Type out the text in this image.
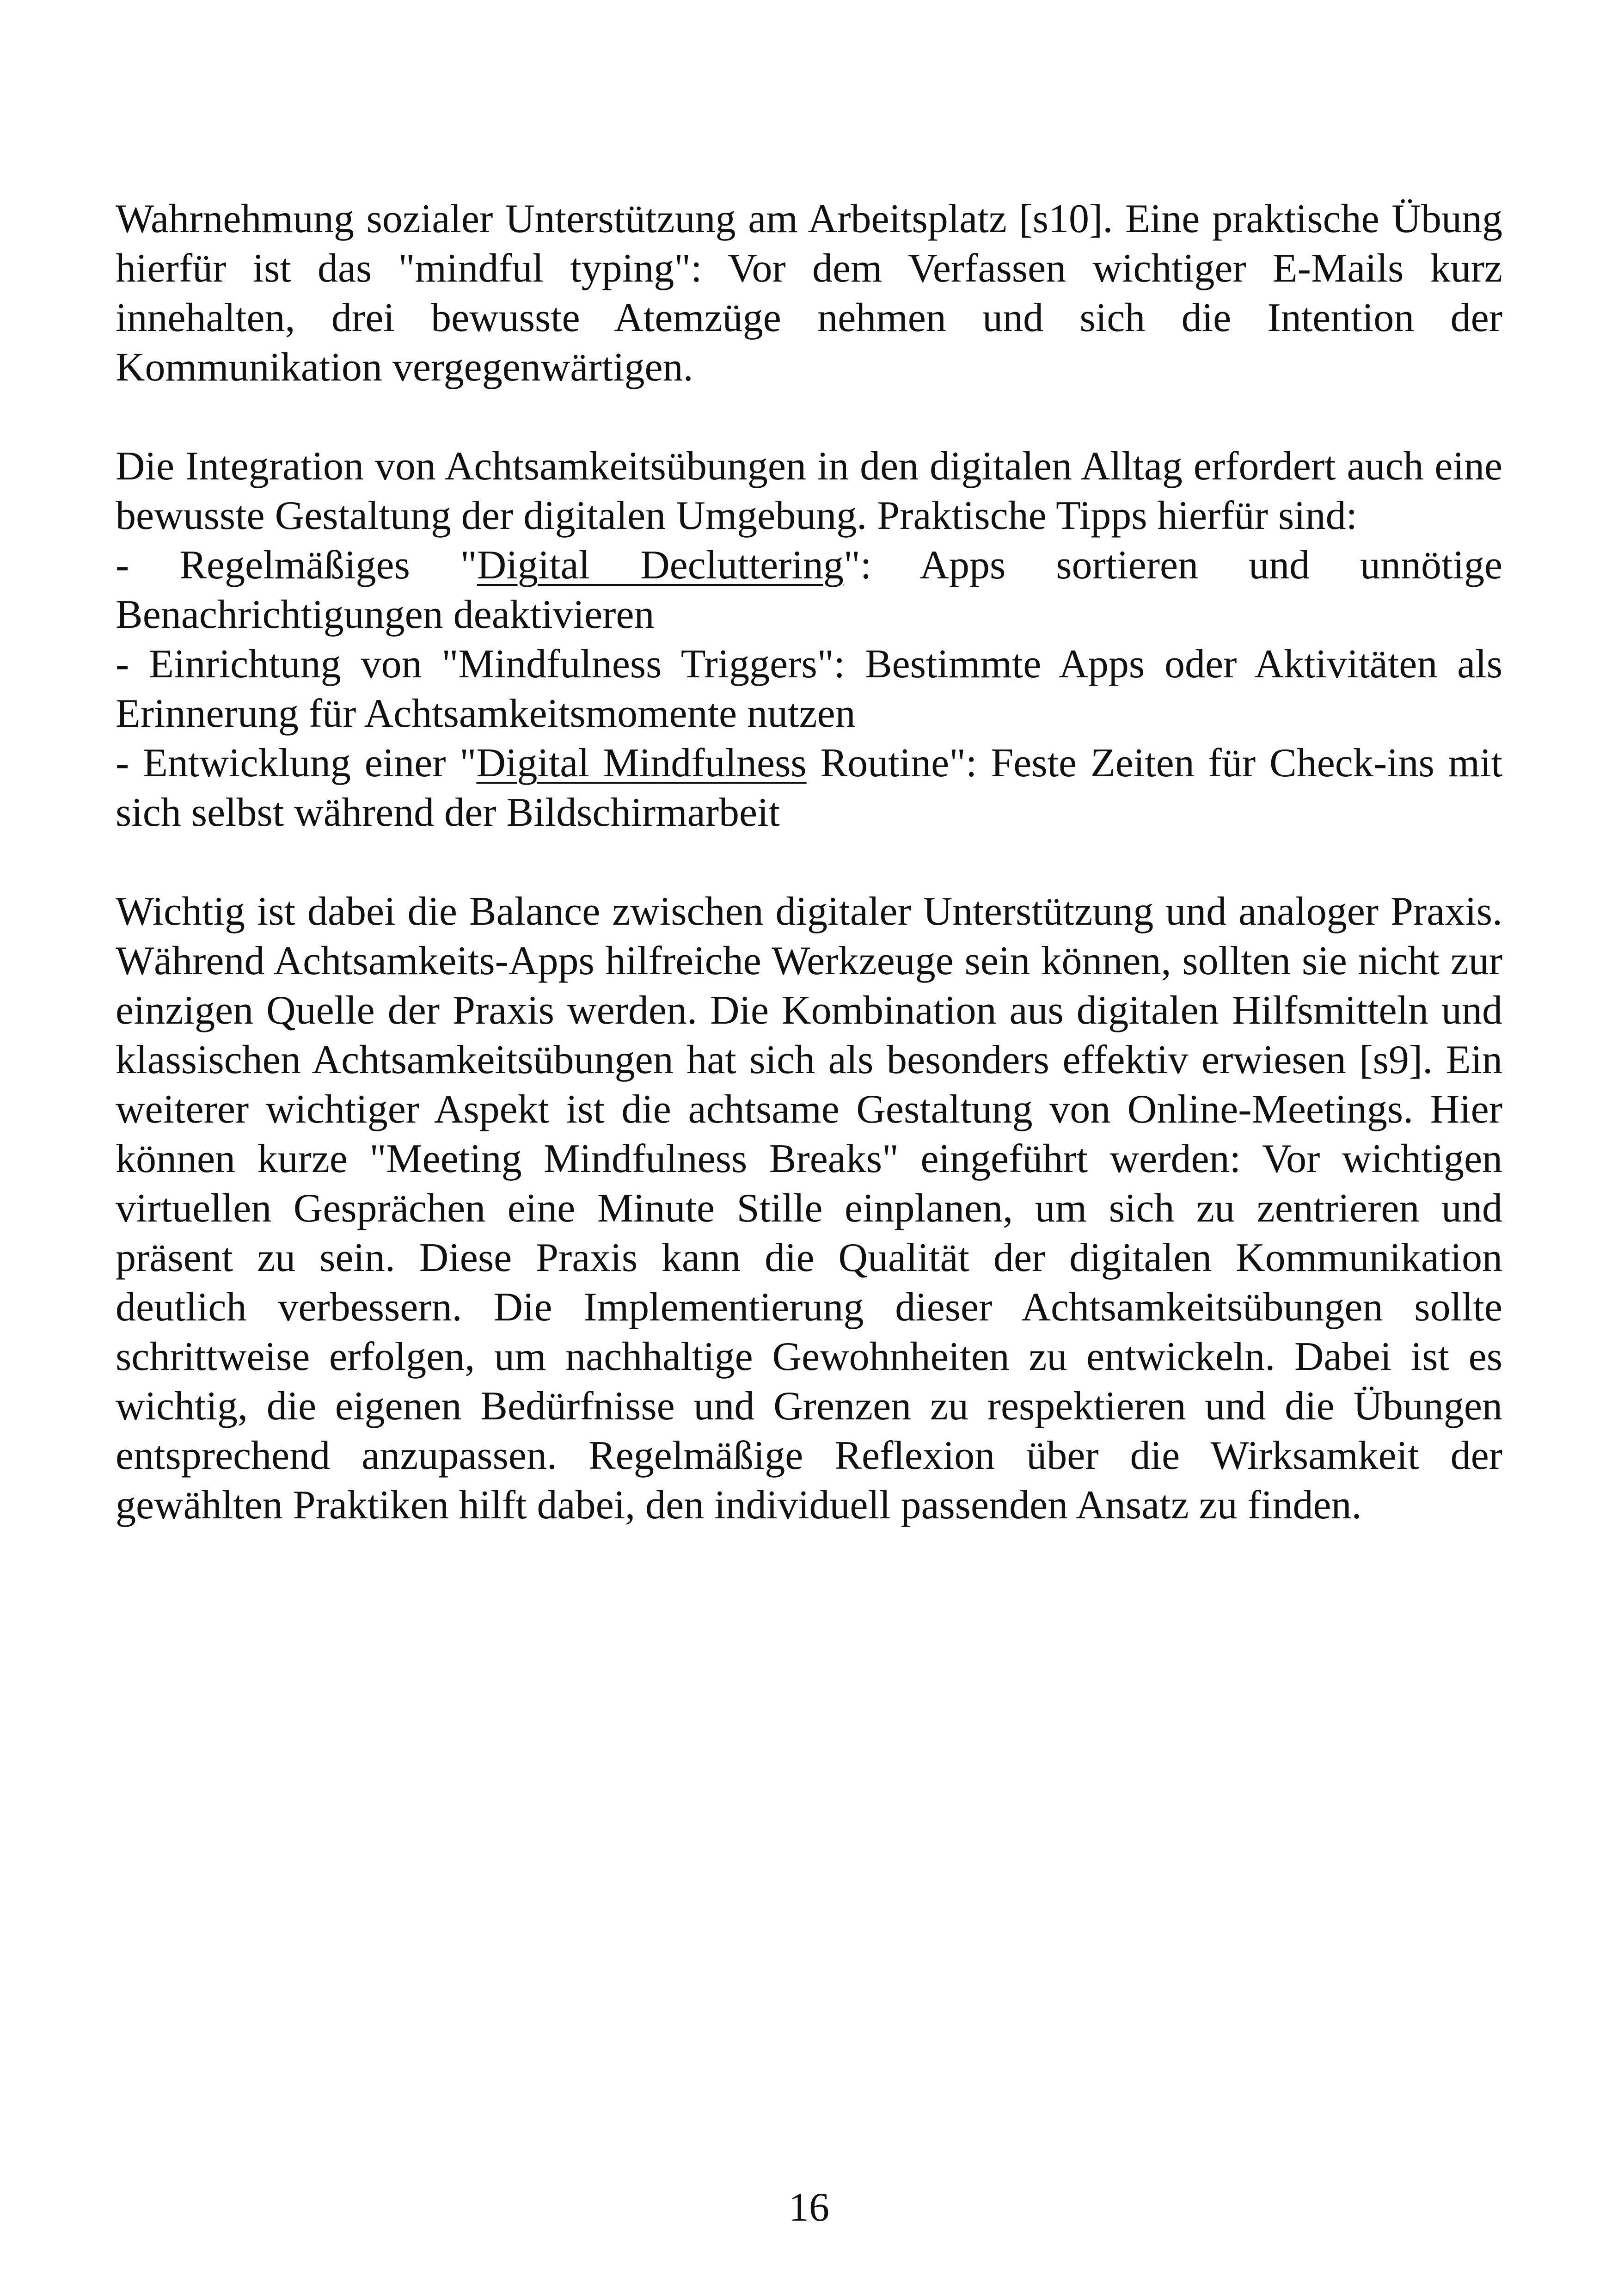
Wahrnehmung sozialer Unterstützung am Arbeitsplatz [s10]. Eine praktische Übung hierfür ist das "mindful typing": Vor dem Verfassen wichtiger E-Mails kurz innehalten, drei bewusste Atemzüge nehmen und sich die Intention der Kommunikation vergegenwärtigen.

Die Integration von Achtsamkeitsübungen in den digitalen Alltag erfordert auch eine bewusste Gestaltung der digitalen Umgebung. Praktische Tipps hierfür sind:

- Regelmäßiges "Digital Decluttering": Apps sortieren und unnötige Benachrichtigungen deaktivieren

- Einrichtung von "Mindfulness Triggers": Bestimmte Apps oder Aktivitäten als Erinnerung für Achtsamkeitsmomente nutzen

- Entwicklung einer "Digital Mindfulness Routine": Feste Zeiten für Check-ins mit sich selbst während der Bildschirmarbeit

Wichtig ist dabei die Balance zwischen digitaler Unterstützung und analoger Praxis. Während Achtsamkeits-Apps hilfreiche Werkzeuge sein können, sollten sie nicht zur einzigen Quelle der Praxis werden. Die Kombination aus digitalen Hilfsmitteln und klassischen Achtsamkeitsübungen hat sich als besonders effektiv erwiesen [s9]. Ein weiterer wichtiger Aspekt ist die achtsame Gestaltung von Online-Meetings. Hier können kurze "Meeting Mindfulness Breaks" eingeführt werden: Vor wichtigen virtuellen Gesprächen eine Minute Stille einplanen, um sich zu zentrieren und präsent zu sein. Diese Praxis kann die Qualität der digitalen Kommunikation deutlich verbessern. Die Implementierung dieser Achtsamkeitsübungen sollte schrittweise erfolgen, um nachhaltige Gewohnheiten zu entwickeln. Dabei ist es wichtig, die eigenen Bedürfnisse und Grenzen zu respektieren und die Übungen entsprechend anzupassen. Regelmäßige Reflexion über die Wirksamkeit der gewählten Praktiken hilft dabei, den individuell passenden Ansatz zu finden.

16
